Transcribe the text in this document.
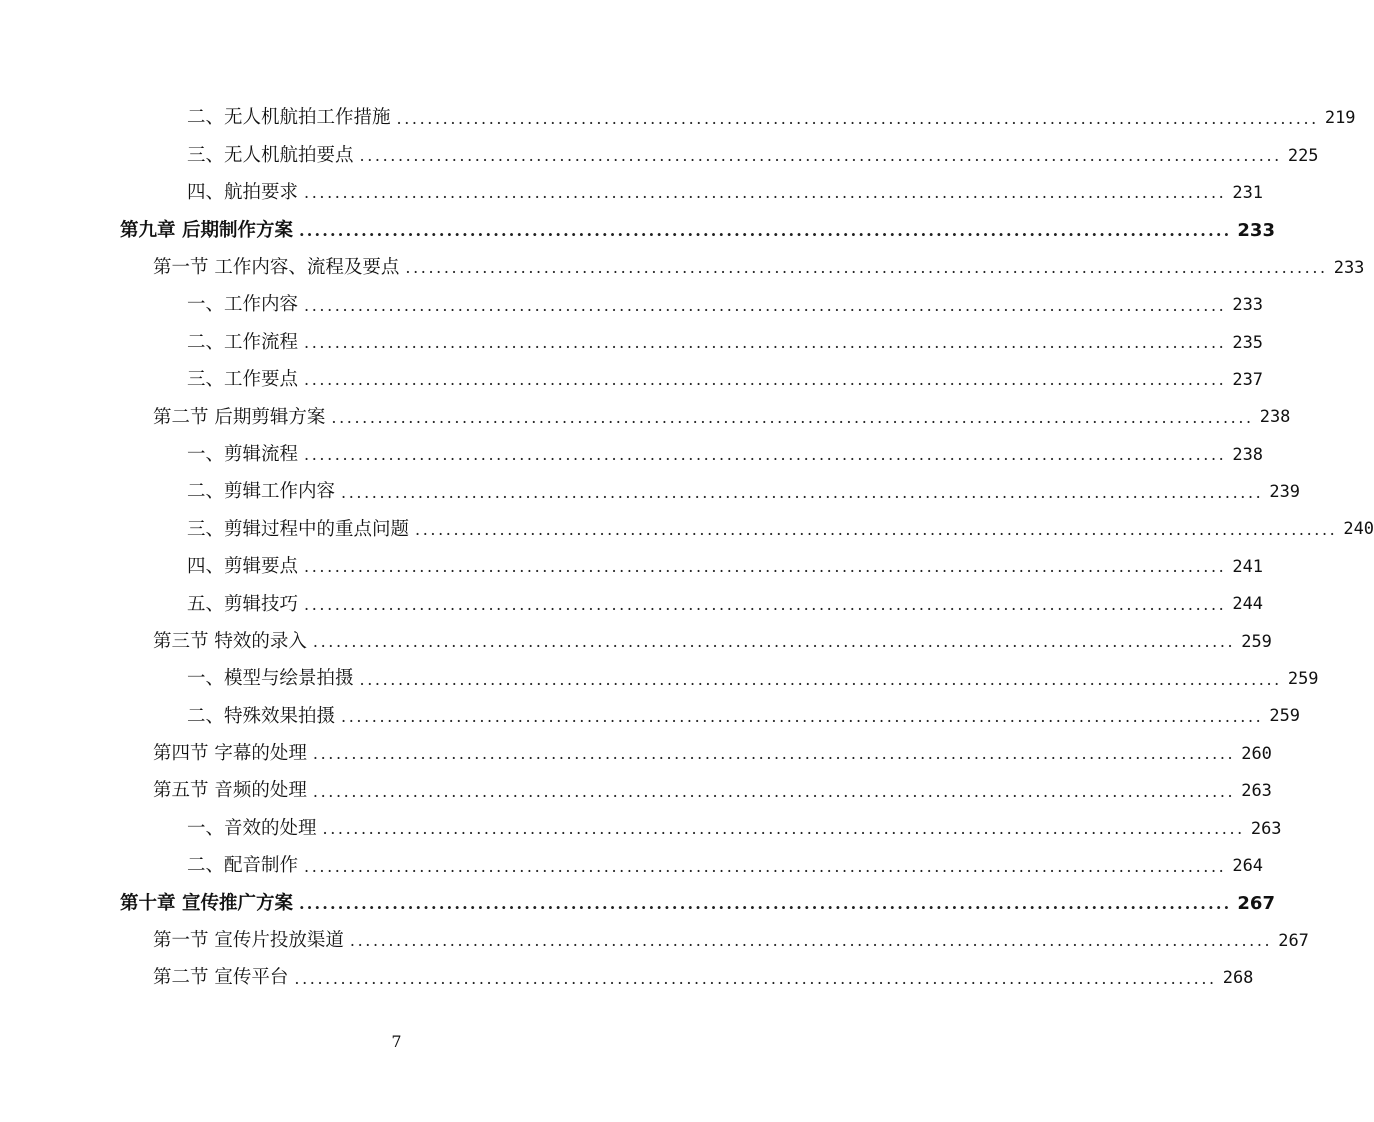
二、无人机航拍工作措施 ........................................................................................................................ 219
三、无人机航拍要点 ........................................................................................................................ 225
四、航拍要求 ........................................................................................................................ 231
第九章 后期制作方案 ........................................................................................................................ 233
第一节 工作内容、流程及要点 ........................................................................................................................ 233
一、工作内容 ........................................................................................................................ 233
二、工作流程 ........................................................................................................................ 235
三、工作要点 ........................................................................................................................ 237
第二节 后期剪辑方案 ........................................................................................................................ 238
一、剪辑流程 ........................................................................................................................ 238
二、剪辑工作内容 ........................................................................................................................ 239
三、剪辑过程中的重点问题 ........................................................................................................................ 240
四、剪辑要点 ........................................................................................................................ 241
五、剪辑技巧 ........................................................................................................................ 244
第三节 特效的录入 ........................................................................................................................ 259
一、模型与绘景拍摄 ........................................................................................................................ 259
二、特殊效果拍摄 ........................................................................................................................ 259
第四节 字幕的处理 ........................................................................................................................ 260
第五节 音频的处理 ........................................................................................................................ 263
一、音效的处理 ........................................................................................................................ 263
二、配音制作 ........................................................................................................................ 264
第十章 宣传推广方案 ........................................................................................................................ 267
第一节 宣传片投放渠道 ........................................................................................................................ 267
第二节 宣传平台 ........................................................................................................................ 268
7
